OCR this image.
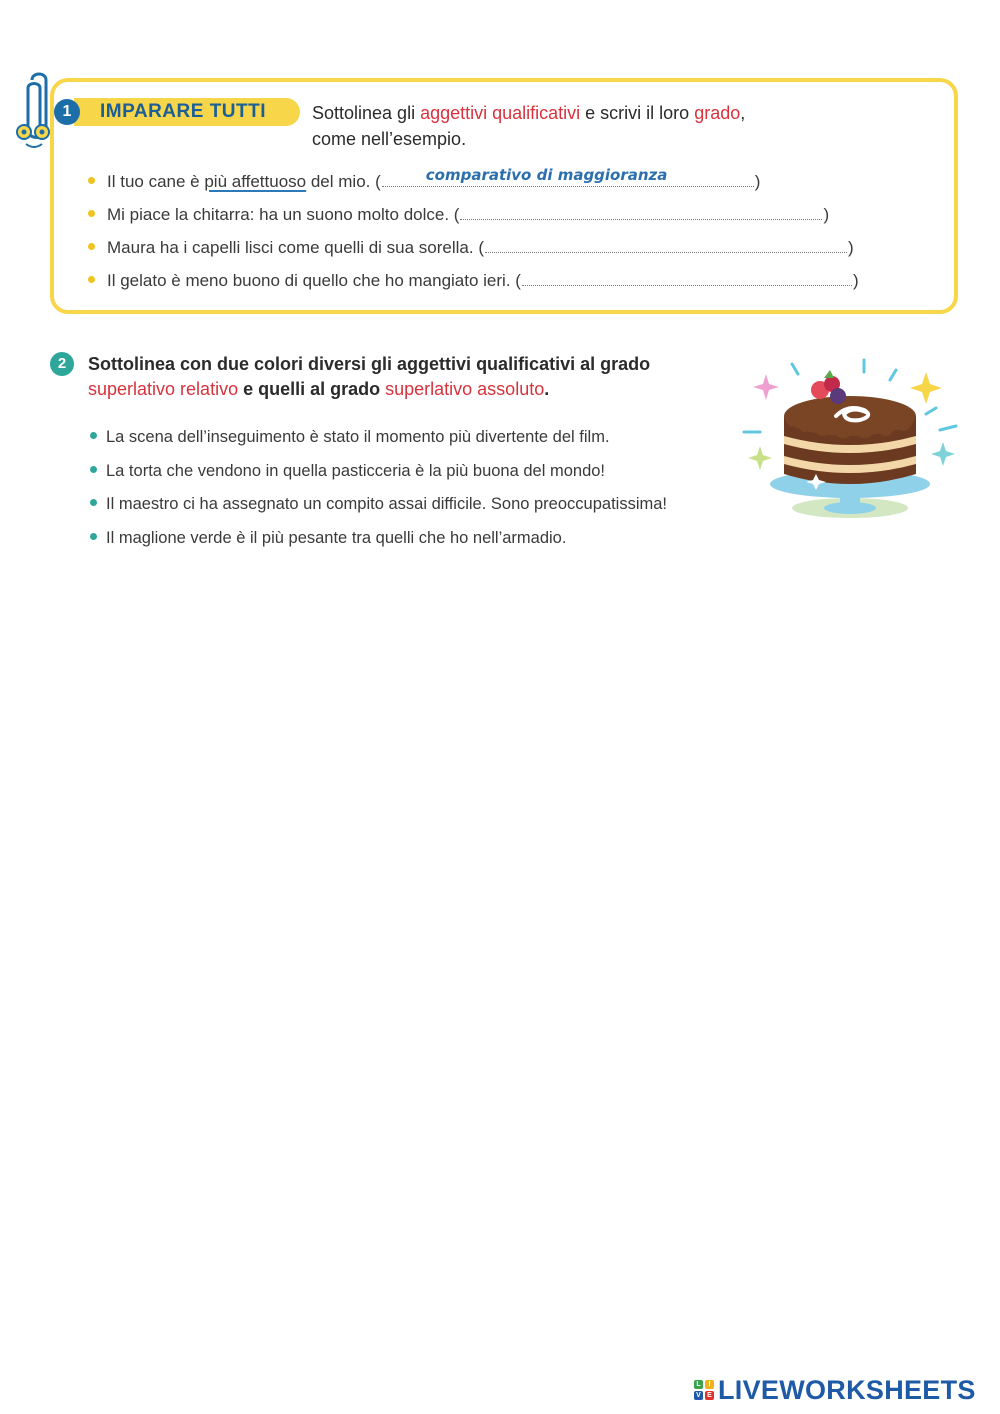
IMPARARE TUTTI
1	Sottolinea gli aggettivi qualificativi e scrivi il loro grado,
come nell’esempio.
Il tuo cane è più affettuoso del mio. (	comparativo di maggioranza	)
Mi piace la chitarra: ha un suono molto dolce. (	)
Maura ha i capelli lisci come quelli di sua sorella. (	)
Il gelato è meno buono di quello che ho mangiato ieri. (	)
2	Sottolinea con due colori diversi gli aggettivi qualificativi al grado
superlativo relativo e quelli al grado superlativo assoluto.
La scena dell’inseguimento è stato il momento più divertente del film.
La torta che vendono in quella pasticceria è la più buona del mondo!
Il maestro ci ha assegnato un compito assai difficile. Sono preoccupatissima!
Il maglione verde è il più pesante tra quelli che ho nell’armadio.
L	I
V E LIVEWORKSHEETS
